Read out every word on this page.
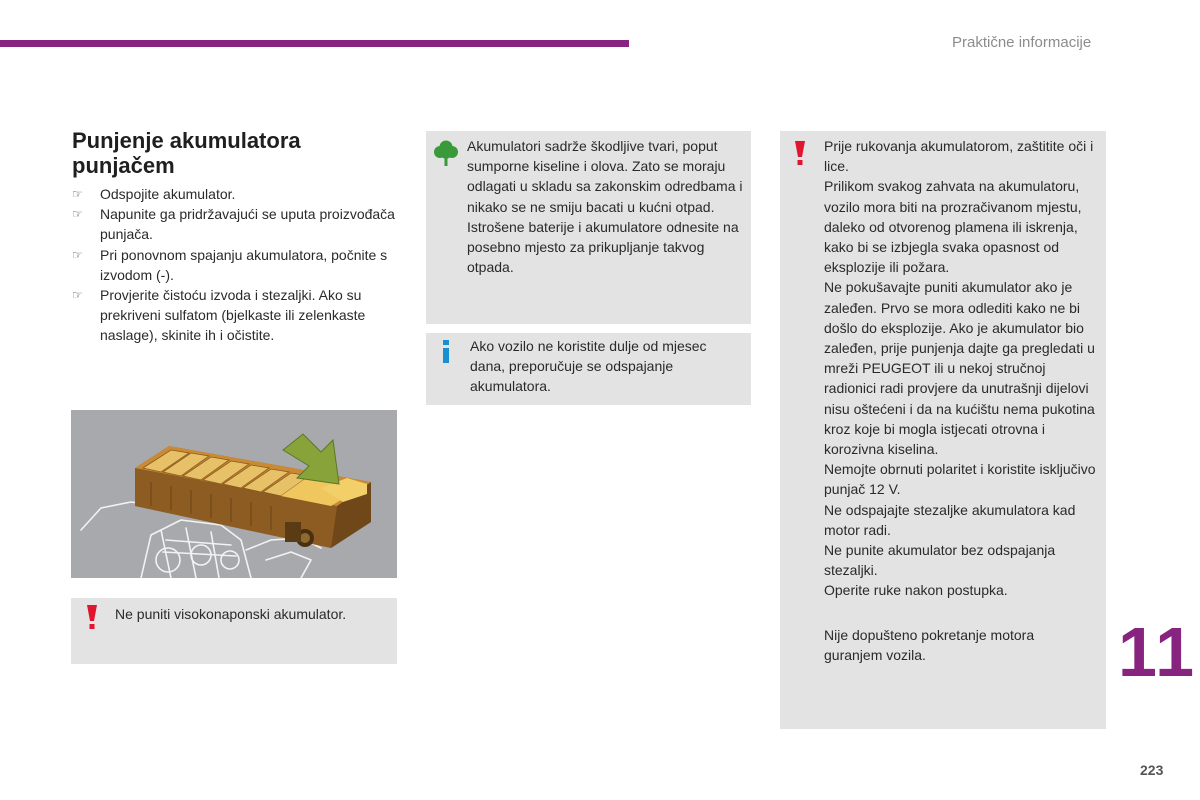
Praktične informacije
Punjenje akumulatora punjačem
☞ Odspojite akumulator.
☞ Napunite ga pridržavajući se uputa proizvođača punjača.
☞ Pri ponovnom spajanju akumulatora, počnite s izvodom (-).
☞ Provjerite čistoću izvoda i stezaljki. Ako su prekriveni sulfatom (bjelkaste ili zelenkaste naslage), skinite ih i očistite.
Ne puniti visokonaponski akumulator.

Akumulatori sadrže škodljive tvari, poput sumporne kiseline i olova. Zato se moraju odlagati u skladu sa zakonskim odredbama i nikako se ne smiju bacati u kućni otpad.

Istrošene baterije i akumulatore odnesite na posebno mjesto za prikupljanje takvog otpada.

Ako vozilo ne koristite dulje od mjesec dana, preporučuje se odspajanje akumulatora.

Prije rukovanja akumulatorom, zaštitite oči i lice.

Prilikom svakog zahvata na akumulatoru, vozilo mora biti na prozračivanom mjestu, daleko od otvorenog plamena ili iskrenja, kako bi se izbjegla svaka opasnost od eksplozije ili požara.

Ne pokušavajte puniti akumulator ako je zaleđen. Prvo se mora odlediti kako ne bi došlo do eksplozije. Ako je akumulator bio zaleđen, prije punjenja dajte ga pregledati u mreži PEUGEOT ili u nekoj stručnoj radionici radi provjere da unutrašnji dijelovi nisu oštećeni i da na kućištu nema pukotina kroz koje bi mogla istjecati otrovna i korozivna kiselina.

Nemojte obrnuti polaritet i koristite isključivo punjač 12 V.

Ne odspajajte stezaljke akumulatora kad motor radi.

Ne punite akumulator bez odspajanja stezaljki.

Operite ruke nakon postupka.

Nije dopušteno pokretanje motora guranjem vozila.	11
223
